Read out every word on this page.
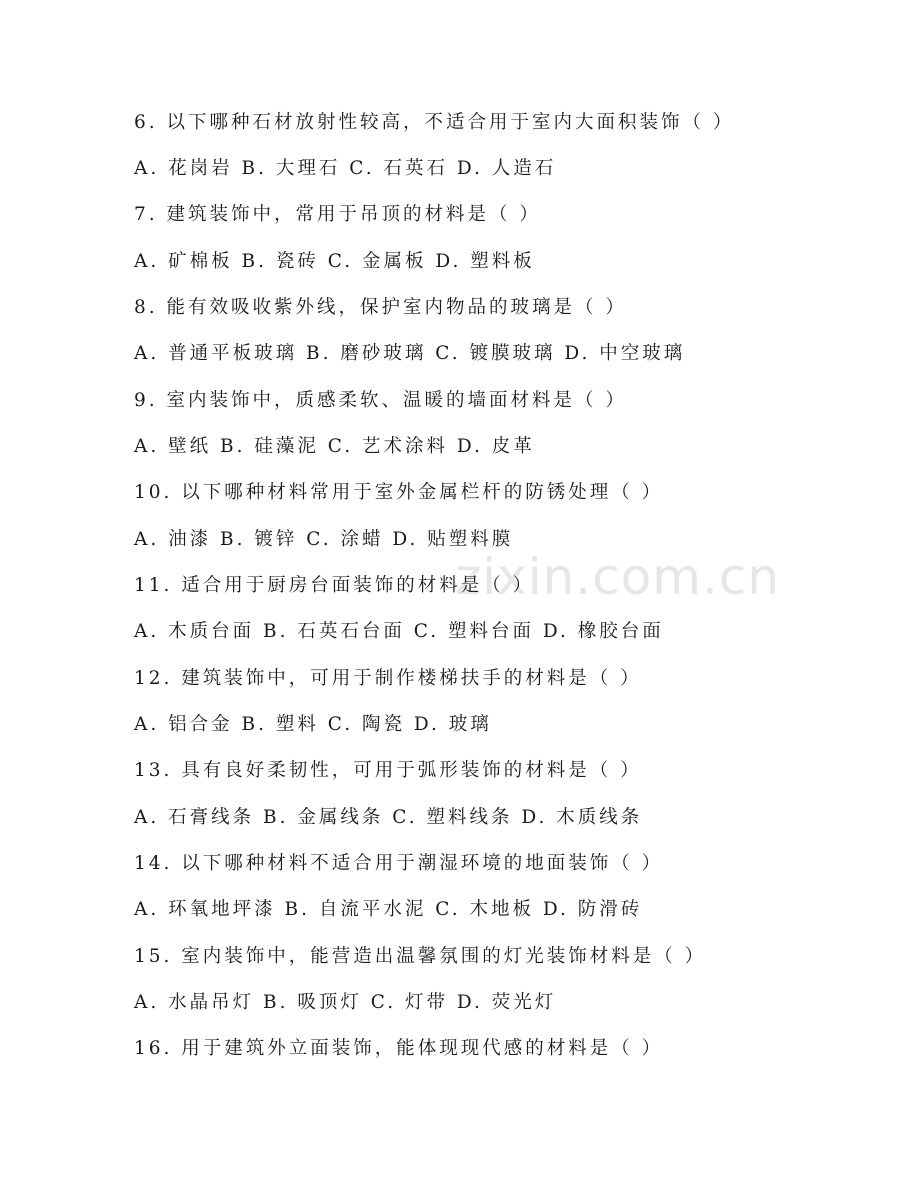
zixin.com.cn
6. 以下哪种石材放射性较高，不适合用于室内大面积装饰（ ）
A. 花岗岩 B. 大理石 C. 石英石 D. 人造石
7. 建筑装饰中，常用于吊顶的材料是（ ）
A. 矿棉板 B. 瓷砖 C. 金属板 D. 塑料板
8. 能有效吸收紫外线，保护室内物品的玻璃是（ ）
A. 普通平板玻璃 B. 磨砂玻璃 C. 镀膜玻璃 D. 中空玻璃
9. 室内装饰中，质感柔软、温暖的墙面材料是（ ）
A. 壁纸 B. 硅藻泥 C. 艺术涂料 D. 皮革
10. 以下哪种材料常用于室外金属栏杆的防锈处理（ ）
A. 油漆 B. 镀锌 C. 涂蜡 D. 贴塑料膜
11. 适合用于厨房台面装饰的材料是（ ）
A. 木质台面 B. 石英石台面 C. 塑料台面 D. 橡胶台面
12. 建筑装饰中，可用于制作楼梯扶手的材料是（ ）
A. 铝合金 B. 塑料 C. 陶瓷 D. 玻璃
13. 具有良好柔韧性，可用于弧形装饰的材料是（ ）
A. 石膏线条 B. 金属线条 C. 塑料线条 D. 木质线条
14. 以下哪种材料不适合用于潮湿环境的地面装饰（ ）
A. 环氧地坪漆 B. 自流平水泥 C. 木地板 D. 防滑砖
15. 室内装饰中，能营造出温馨氛围的灯光装饰材料是（ ）
A. 水晶吊灯 B. 吸顶灯 C. 灯带 D. 荧光灯
16. 用于建筑外立面装饰，能体现现代感的材料是（ ）
